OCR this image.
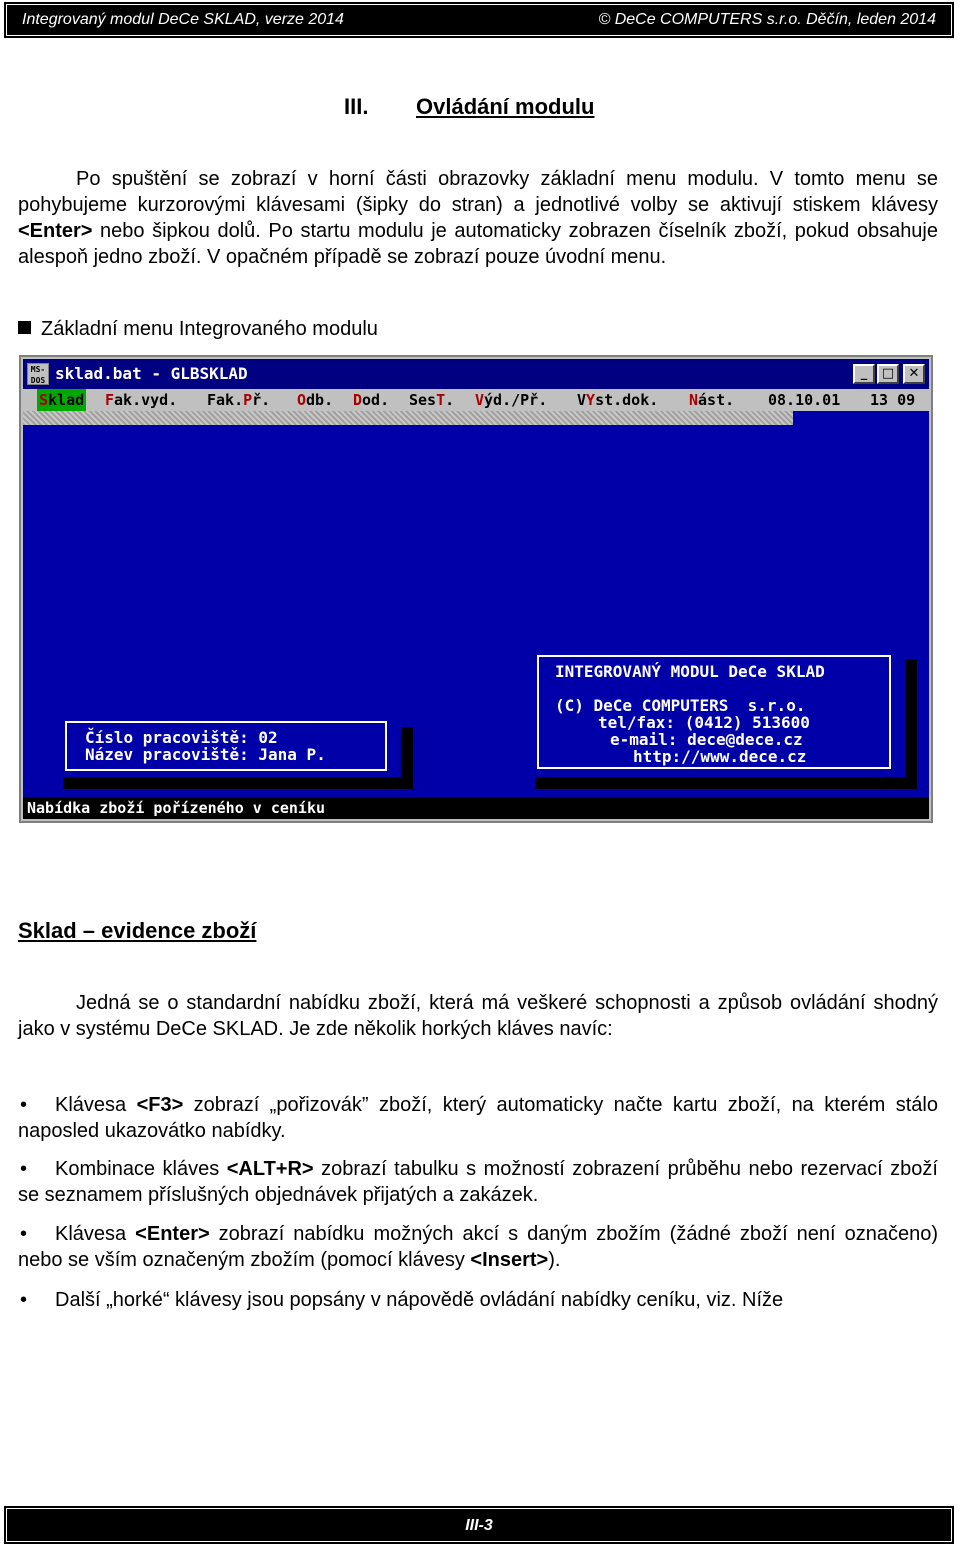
Integrovaný modul DeCe SKLAD, verze 2014	© DeCe COMPUTERS s.r.o. Děčín, leden 2014
III. Ovládání modulu
Po spuštění se zobrazí v horní části obrazovky základní menu modulu. V tomto menu se pohybujeme kurzorovými klávesami (šipky do stran) a jednotlivé volby se aktivují stiskem klávesy <Enter> nebo šipkou dolů. Po startu modulu je automaticky zobrazen číselník zboží, pokud obsahuje alespoň jedno zboží. V opačném případě se zobrazí pouze úvodní menu.
Základní menu Integrovaného modulu
MS-DOS sklad.bat - GLBSKLAD	_	□	✕
Sklad Fak.vyd. Fak.Př. Odb. Dod. SesT. Výd./Př. VYst.dok. Nást. 08.10.01 13 09

Číslo pracoviště: 02
Název pracoviště: Jana P.

INTEGROVANÝ MODUL DeCe SKLAD
(C) DeCe COMPUTERS  s.r.o.
tel/fax: (0412) 513600
e-mail: dece@dece.cz
http://www.dece.cz

Nabídka zboží pořízeného v ceníku
Sklad – evidence zboží
Jedná se o standardní nabídku zboží, která má veškeré schopnosti a způsob ovládání shodný jako v systému DeCe SKLAD. Je zde několik horkých kláves navíc:
• Klávesa <F3> zobrazí „pořizovák” zboží, který automaticky načte kartu zboží, na kterém stálo naposled ukazovátko nabídky.
• Kombinace kláves <ALT+R> zobrazí tabulku s možností zobrazení průběhu nebo rezervací zboží se seznamem příslušných objednávek přijatých a zakázek.
• Klávesa <Enter> zobrazí nabídku možných akcí s daným zbožím (žádné zboží není označeno) nebo se vším označeným zbožím (pomocí klávesy <Insert>).
• Další „horké“ klávesy jsou popsány v nápovědě ovládání nabídky ceníku, viz. Níže
III-3
